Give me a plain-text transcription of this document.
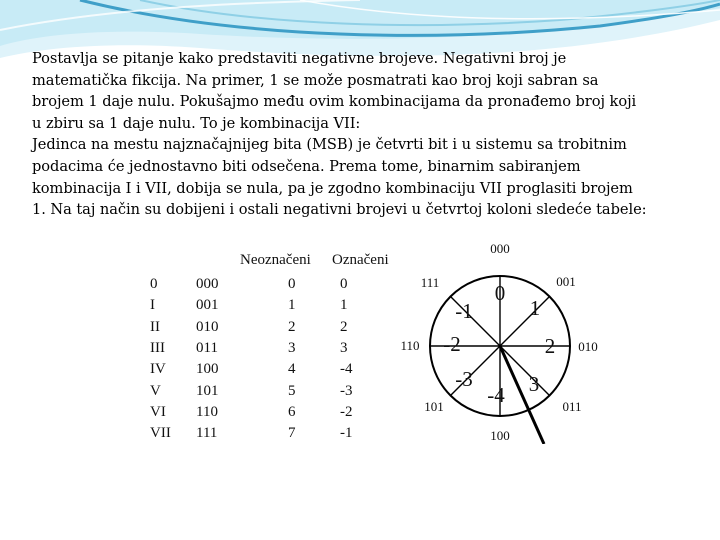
Postavlja se pitanje kako predstaviti negativne brojeve. Negativni broj je

matematička fikcija. Na primer, 1 se može posmatrati kao broj koji sabran sa

brojem 1 daje nulu. Pokušajmo među ovim kombinacijama da pronađemo broj koji

u zbiru sa 1 daje nulu. To je kombinacija VII:

Jedinca na mestu najznačajnijeg bita (MSB) je četvrti bit i u sistemu sa trobitnim

podacima će jednostavno biti odsečena. Prema tome, binarnim sabiranjem

kombinacija I i VII, dobija se nula, pa je zgodno kombinaciju VII proglasiti brojem

1. Na taj način su dobijeni i ostali negativni brojevi u četvrtoj koloni sledeće tabele:

Neoznačeni Označeni
0	000	0	0
I	001	1	1
II 010	2	2
III 011	3	3
IV 100	4	-4
V 101	5	-3
VI 110	6	-2
VII 111	7	-1
000
001
010
011
100
101
110
111	0
1
2
3
-4
-3
-2
-1
